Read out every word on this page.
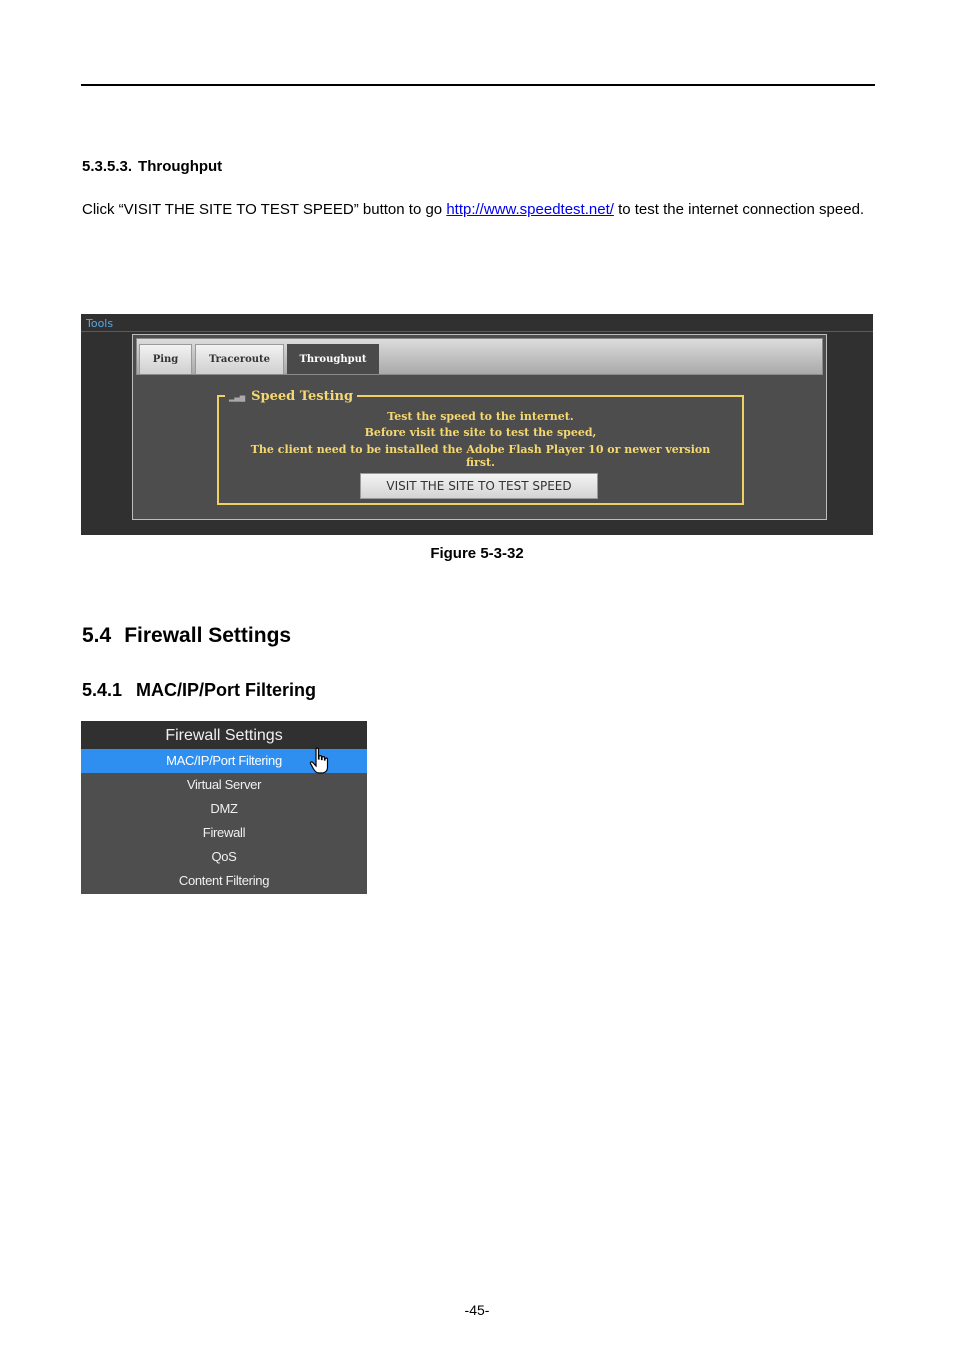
5.3.5.3. Throughput
Click “VISIT THE SITE TO TEST SPEED” button to go http://www.speedtest.net/ to test the internet connection speed.
Tools
Ping	Traceroute	Throughput
▂▄▆ Speed Testing
Test the speed to the internet.
Before visit the site to test the speed,
The client need to be installed the Adobe Flash Player 10 or newer version
first.
VISIT THE SITE TO TEST SPEED
Figure 5-3-32
5.4 Firewall Settings
5.4.1 MAC/IP/Port Filtering
Firewall Settings
MAC/IP/Port Filtering
Virtual Server
DMZ
Firewall
QoS
Content Filtering
-45-
